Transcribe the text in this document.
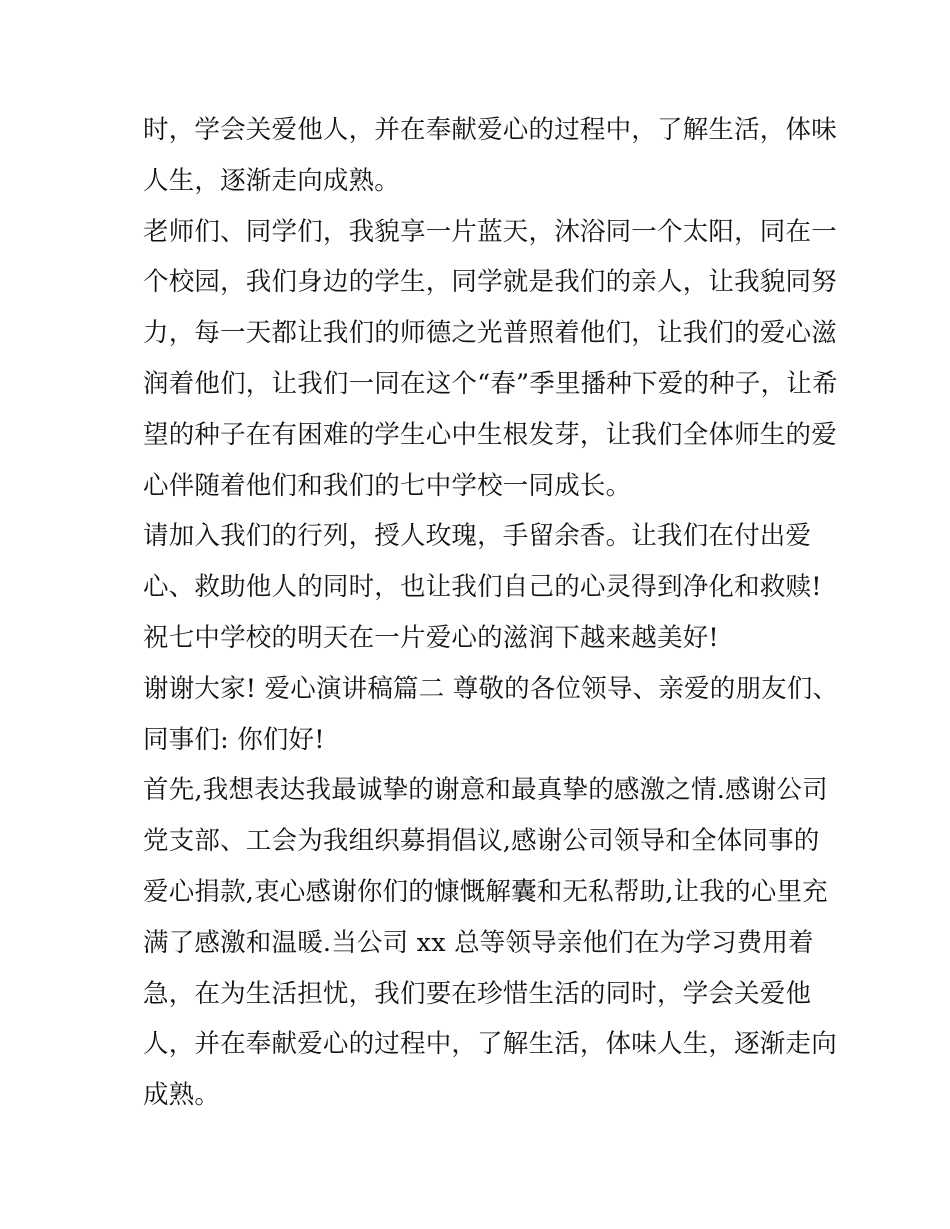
时，学会关爱他人，并在奉献爱心的过程中，了解生活，体味
人生，逐渐走向成熟。
老师们、同学们，我貌享一片蓝天，沐浴同一个太阳，同在一
个校园，我们身边的学生，同学就是我们的亲人，让我貌同努
力，每一天都让我们的师德之光普照着他们，让我们的爱心滋
润着他们，让我们一同在这个“春”季里播种下爱的种子，让希
望的种子在有困难的学生心中生根发芽，让我们全体师生的爱
心伴随着他们和我们的七中学校一同成长。
请加入我们的行列，授人玫瑰，手留余香。让我们在付出爱
心、救助他人的同时，也让我们自己的心灵得到净化和救赎!
祝七中学校的明天在一片爱心的滋润下越来越美好!
谢谢大家! 爱心演讲稿篇二 尊敬的各位领导、亲爱的朋友们、
同事们: 你们好!
首先,我想表达我最诚挚的谢意和最真挚的感激之情.感谢公司
党支部、工会为我组织募捐倡议,感谢公司领导和全体同事的
爱心捐款,衷心感谢你们的慷慨解囊和无私帮助,让我的心里充
满了感激和温暖.当公司 xx 总等领导亲他们在为学习费用着
急，在为生活担忧，我们要在珍惜生活的同时，学会关爱他
人，并在奉献爱心的过程中，了解生活，体味人生，逐渐走向
成熟。
